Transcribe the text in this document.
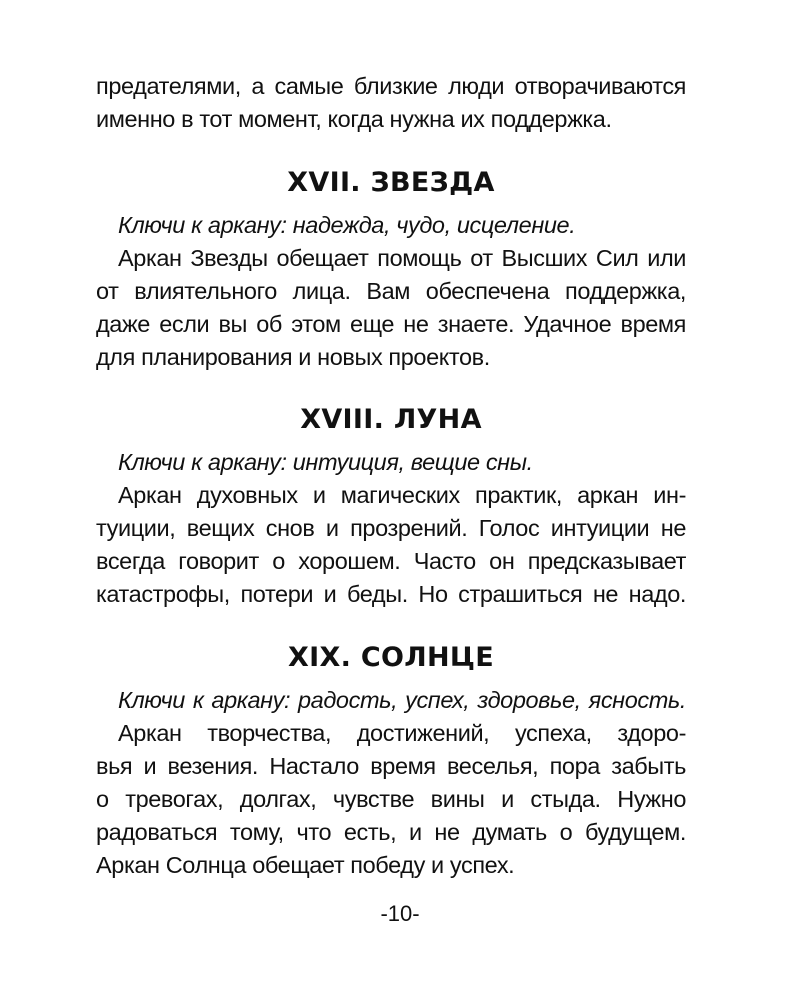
предателями, а самые близкие люди отворачиваются
именно в тот момент, когда нужна их поддержка.
XVII. ЗВЕЗДА
Ключи к аркану: надежда, чудо, исцеление.
Аркан Звезды обещает помощь от Высших Сил или
от влиятельного лица. Вам обеспечена поддержка,
даже если вы об этом еще не знаете. Удачное время
для планирования и новых проектов.
XVIII. ЛУНА
Ключи к аркану: интуиция, вещие сны.
Аркан духовных и магических практик, аркан ин-
туиции, вещих снов и прозрений. Голос интуиции не
всегда говорит о хорошем. Часто он предсказывает
катастрофы, потери и беды. Но страшиться не надо.
XIX. СОЛНЦЕ
Ключи к аркану: радость, успех, здоровье, ясность.
Аркан творчества, достижений, успеха, здоро-
вья и везения. Настало время веселья, пора забыть
о тревогах, долгах, чувстве вины и стыда. Нужно
радоваться тому, что есть, и не думать о будущем.
Аркан Солнца обещает победу и успех.
-10-
